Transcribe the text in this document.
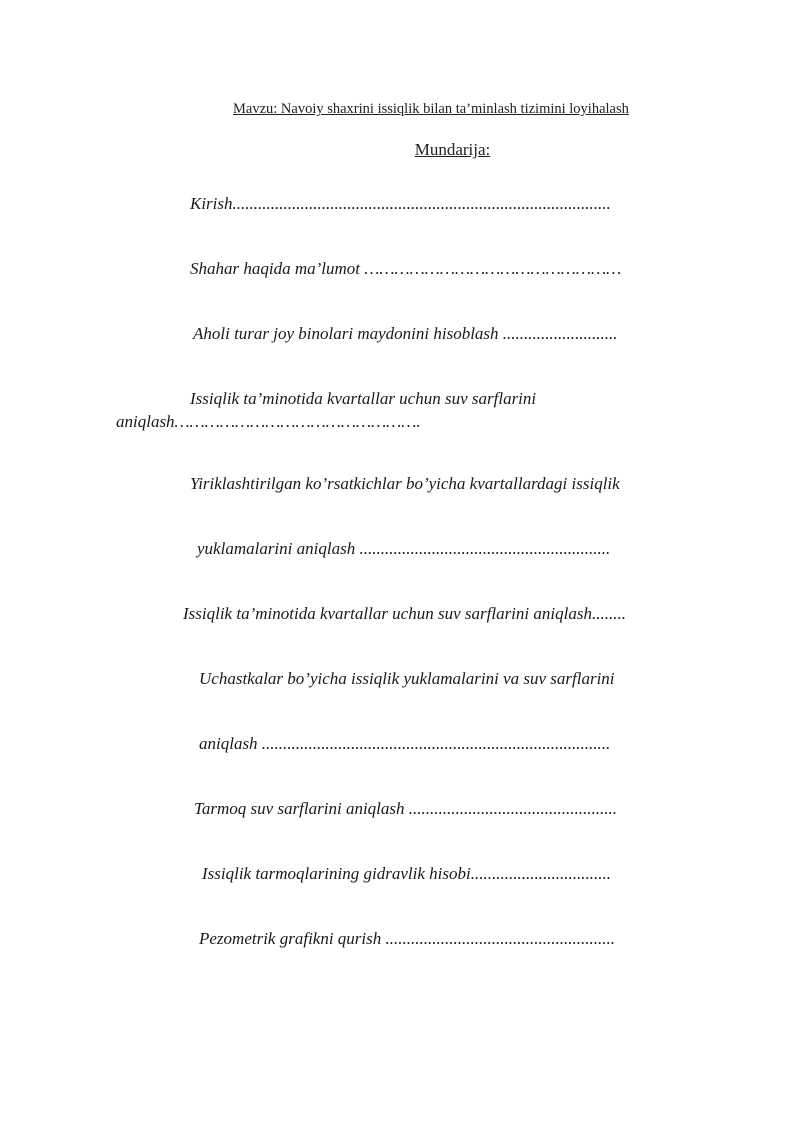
Mavzu: Navoiy shaxrini issiqlik bilan ta’minlash tizimini loyihalash
Mundarija:
Kirish.........................................................................................
Shahar haqida ma’lumot ……………………………………………
Aholi turar joy binolari maydonini hisoblash ...........................
Issiqlik ta’minotida kvartallar uchun suv sarflarini
aniqlash………………………………………….
Yiriklashtirilgan ko’rsatkichlar bo’yicha kvartallardagi issiqlik
yuklamalarini aniqlash ...........................................................
Issiqlik ta’minotida kvartallar uchun suv sarflarini aniqlash........
Uchastkalar bo’yicha issiqlik yuklamalarini va suv sarflarini
aniqlash ..................................................................................
Tarmoq suv sarflarini aniqlash .................................................
Issiqlik tarmoqlarining gidravlik hisobi.................................
Pezometrik grafikni qurish ......................................................
